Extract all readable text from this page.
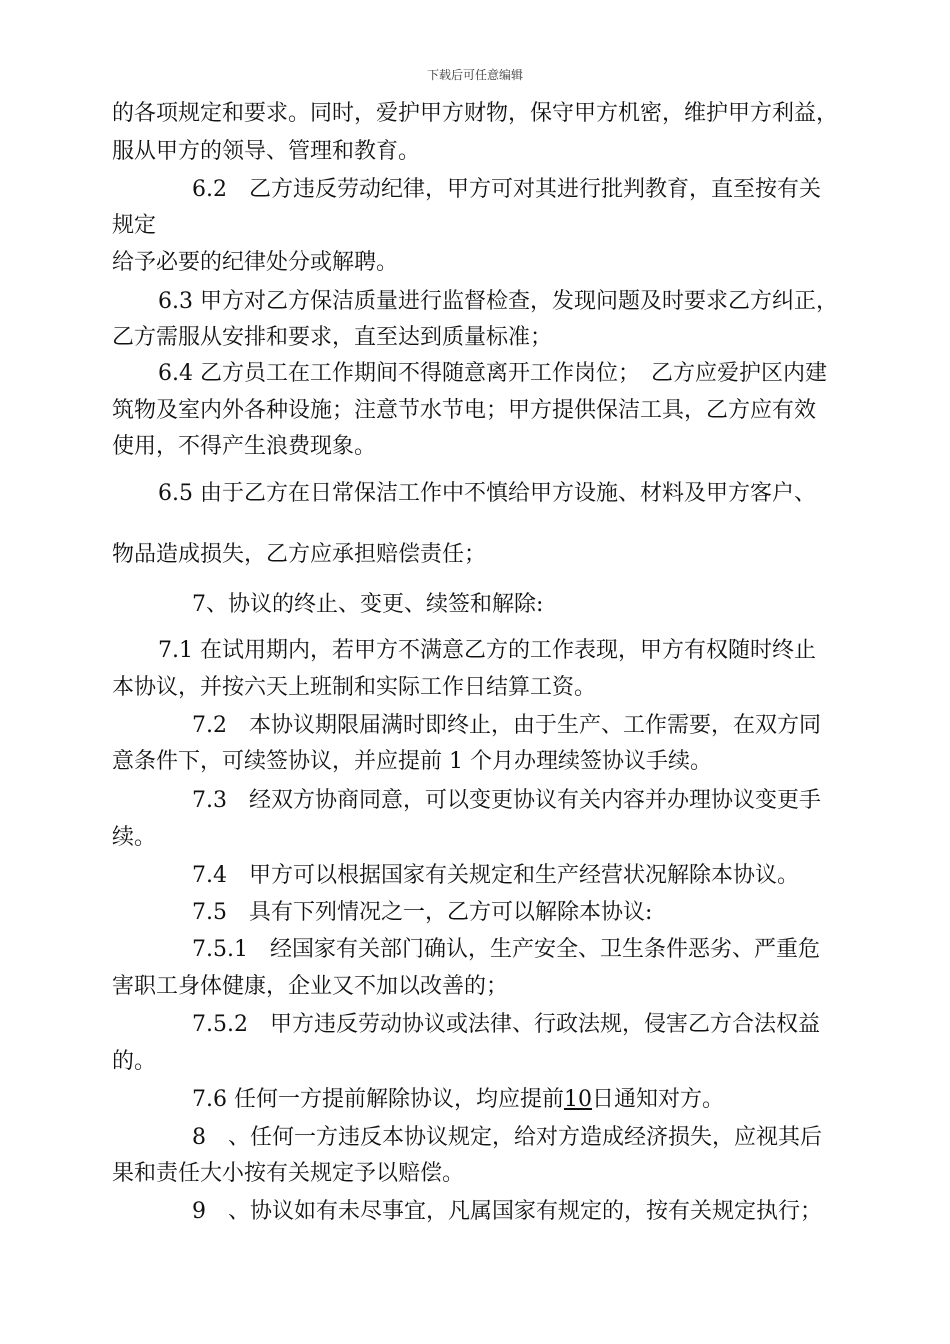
下载后可任意编辑
的各项规定和要求。同时，爱护甲方财物，保守甲方机密，维护甲方利益，
服从甲方的领导、管理和教育。
6.2　乙方违反劳动纪律，甲方可对其进行批判教育，直至按有关
规定
给予必要的纪律处分或解聘。
6.3 甲方对乙方保洁质量进行监督检查，发现问题及时要求乙方纠正，
乙方需服从安排和要求，直至达到质量标准；
6.4 乙方员工在工作期间不得随意离开工作岗位；　乙方应爱护区内建
筑物及室内外各种设施；注意节水节电；甲方提供保洁工具，乙方应有效
使用，不得产生浪费现象。
6.5 由于乙方在日常保洁工作中不慎给甲方设施、材料及甲方客户、
物品造成损失，乙方应承担赔偿责任；
7、协议的终止、变更、续签和解除:
7.1 在试用期内，若甲方不满意乙方的工作表现，甲方有权随时终止
本协议，并按六天上班制和实际工作日结算工资。
7.2　本协议期限届满时即终止，由于生产、工作需要，在双方同
意条件下，可续签协议，并应提前 1 个月办理续签协议手续。
7.3　经双方协商同意，可以变更协议有关内容并办理协议变更手
续。
7.4　甲方可以根据国家有关规定和生产经营状况解除本协议。
7.5　具有下列情况之一，乙方可以解除本协议:
7.5.1　经国家有关部门确认，生产安全、卫生条件恶劣、严重危
害职工身体健康，企业又不加以改善的；
7.5.2　甲方违反劳动协议或法律、行政法规，侵害乙方合法权益
的。
7.6 任何一方提前解除协议，均应提前10日通知对方。
8　、任何一方违反本协议规定，给对方造成经济损失，应视其后
果和责任大小按有关规定予以赔偿。
9　、协议如有未尽事宜，凡属国家有规定的，按有关规定执行；
